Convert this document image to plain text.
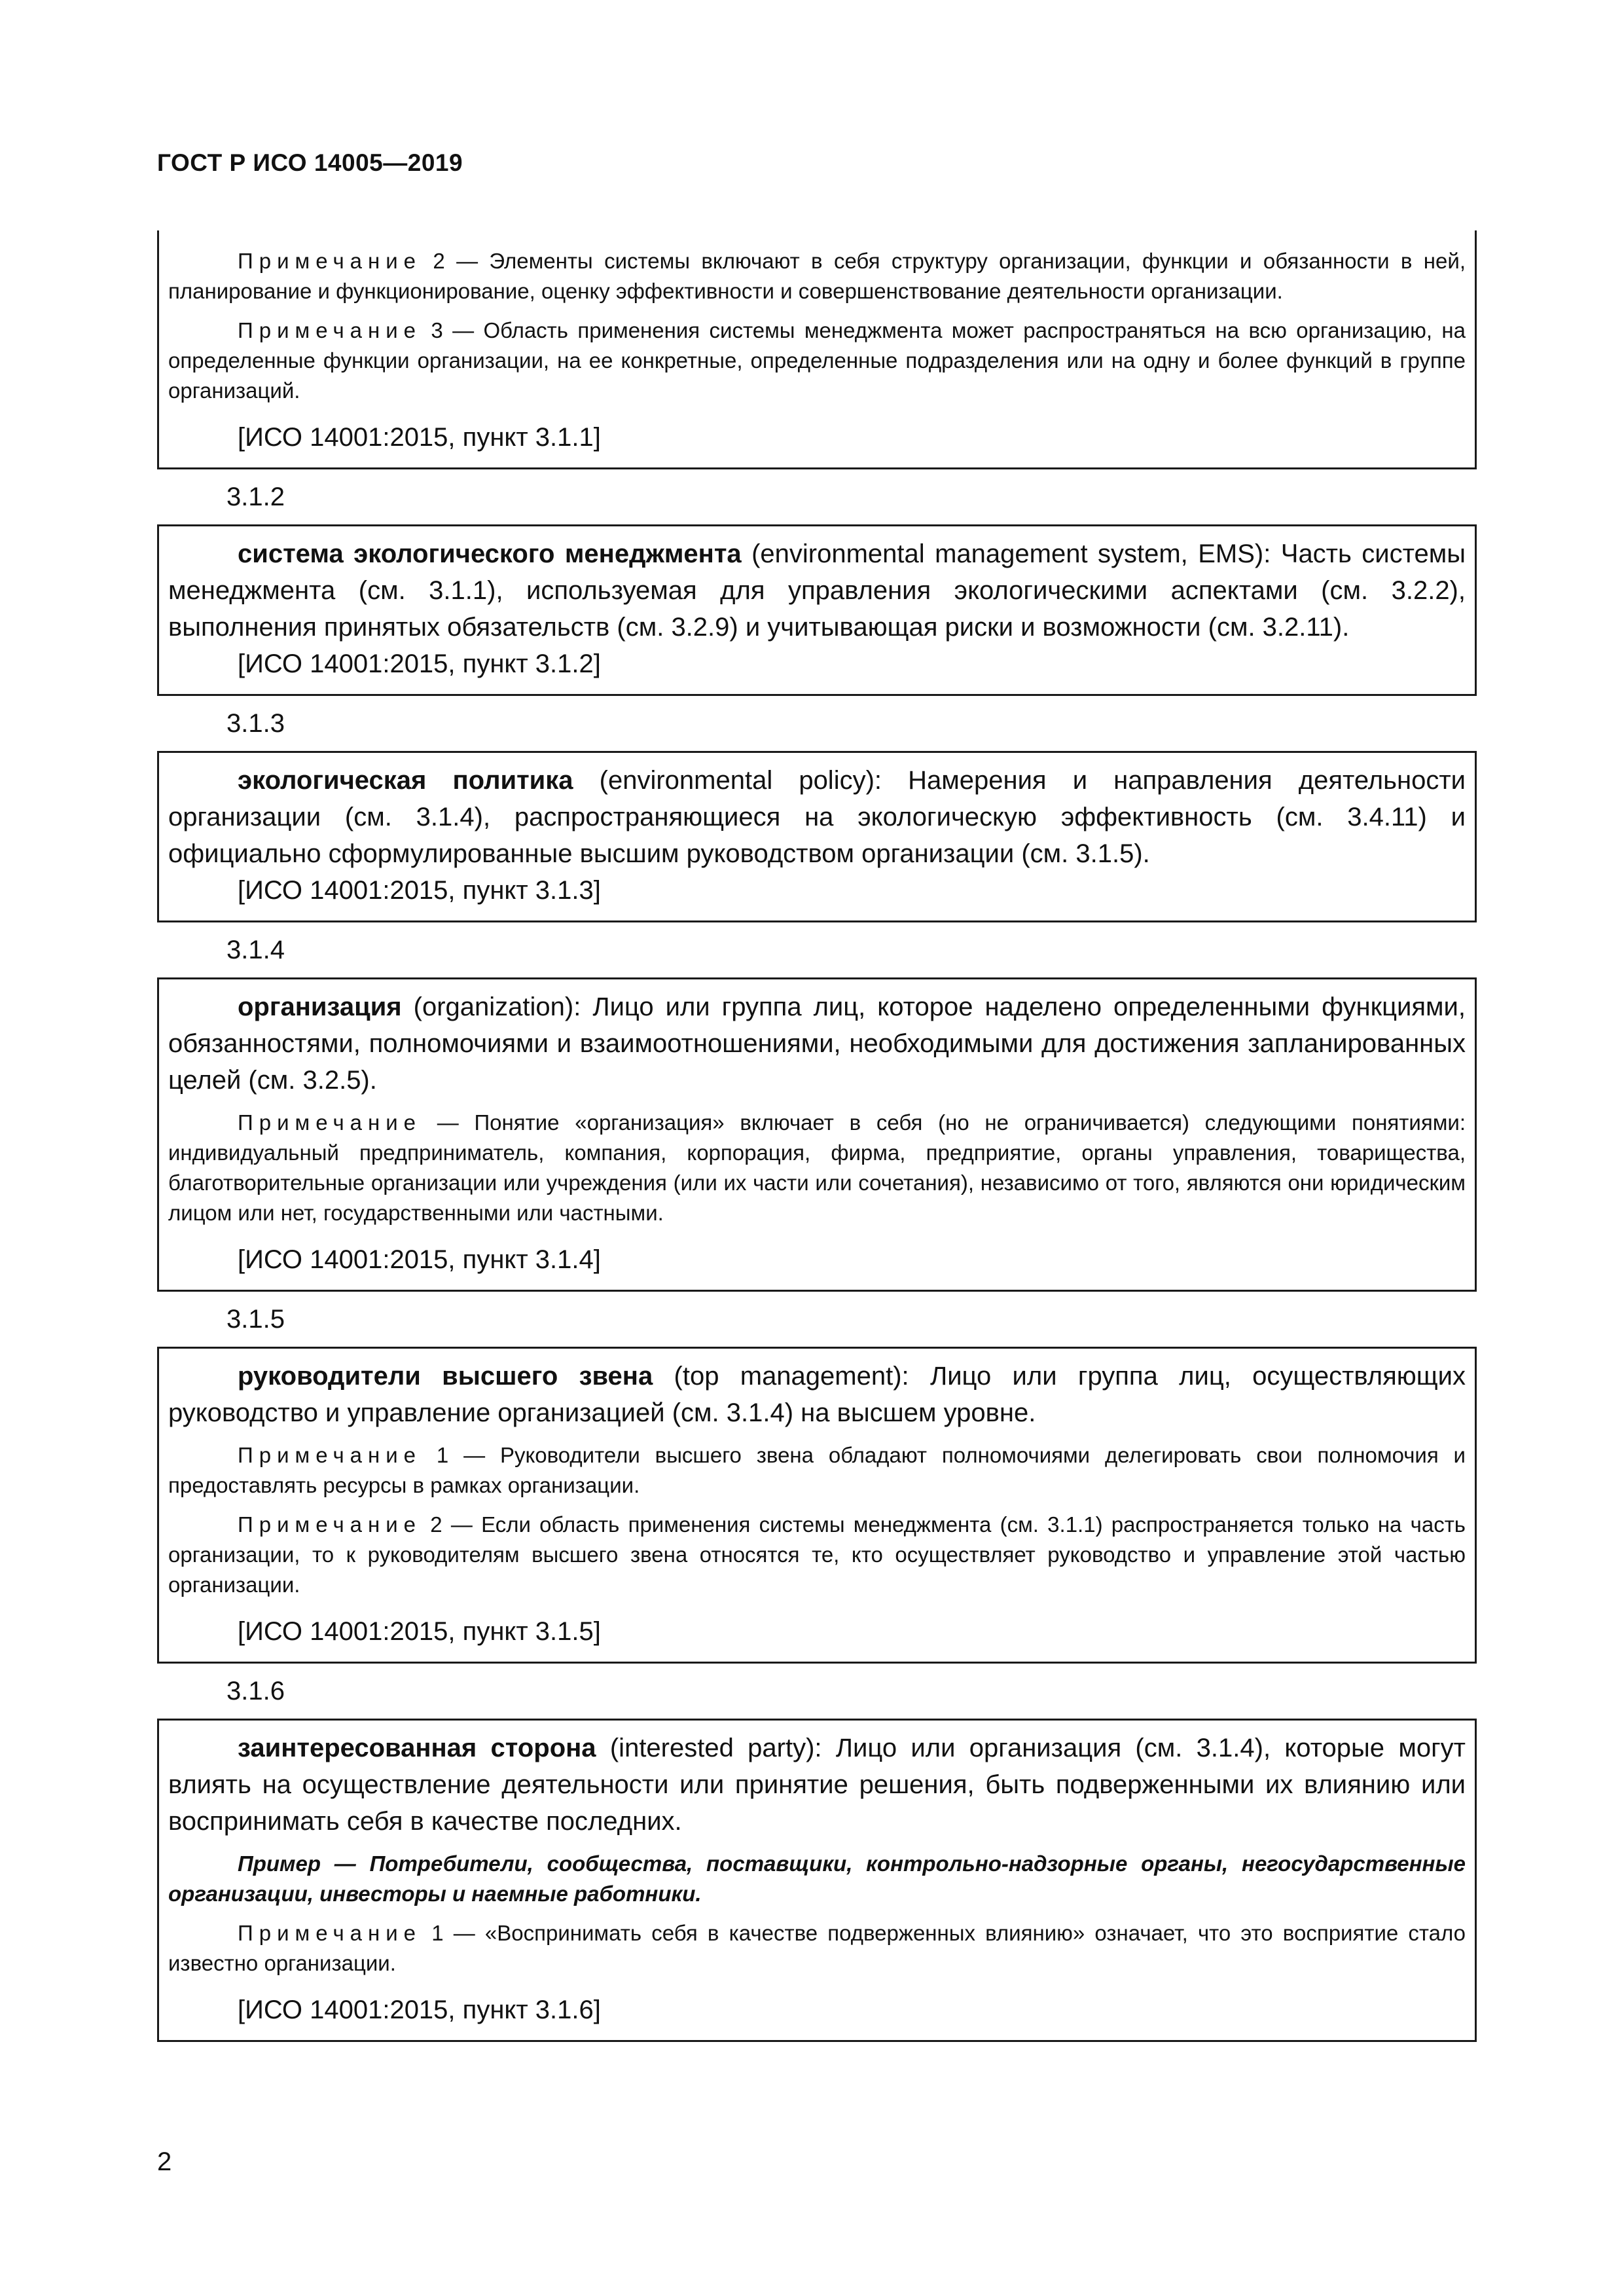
ГОСТ Р ИСО 14005—2019

Примечание 2 — Элементы системы включают в себя структуру организации, функции и обязанности в ней, планирование и функционирование, оценку эффективности и совершенствование деятельности организации.

Примечание 3 — Область применения системы менеджмента может распространяться на всю организацию, на определенные функции организации, на ее конкретные, определенные подразделения или на одну и более функций в группе организаций.

[ИСО 14001:2015, пункт 3.1.1]

3.1.2

система экологического менеджмента (environmental management system, EMS): Часть системы менеджмента (см. 3.1.1), используемая для управления экологическими аспектами (см. 3.2.2), выполнения принятых обязательств (см. 3.2.9) и учитывающая риски и возможности (см. 3.2.11).

[ИСО 14001:2015, пункт 3.1.2]

3.1.3

экологическая политика (environmental policy): Намерения и направления деятельности организации (см. 3.1.4), распространяющиеся на экологическую эффективность (см. 3.4.11) и официально сформулированные высшим руководством организации (см. 3.1.5).

[ИСО 14001:2015, пункт 3.1.3]

3.1.4

организация (organization): Лицо или группа лиц, которое наделено определенными функциями, обязанностями, полномочиями и взаимоотношениями, необходимыми для достижения запланированных целей (см. 3.2.5).

Примечание — Понятие «организация» включает в себя (но не ограничивается) следующими понятиями: индивидуальный предприниматель, компания, корпорация, фирма, предприятие, органы управления, товарищества, благотворительные организации или учреждения (или их части или сочетания), независимо от того, являются они юридическим лицом или нет, государственными или частными.

[ИСО 14001:2015, пункт 3.1.4]

3.1.5

руководители высшего звена (top management): Лицо или группа лиц, осуществляющих руководство и управление организацией (см. 3.1.4) на высшем уровне.

Примечание 1 — Руководители высшего звена обладают полномочиями делегировать свои полномочия и предоставлять ресурсы в рамках организации.

Примечание 2 — Если область применения системы менеджмента (см. 3.1.1) распространяется только на часть организации, то к руководителям высшего звена относятся те, кто осуществляет руководство и управление этой частью организации.

[ИСО 14001:2015, пункт 3.1.5]

3.1.6

заинтересованная сторона (interested party): Лицо или организация (см. 3.1.4), которые могут влиять на осуществление деятельности или принятие решения, быть подверженными их влиянию или воспринимать себя в качестве последних.

Пример — Потребители, сообщества, поставщики, контрольно-надзорные органы, негосударственные организации, инвесторы и наемные работники.

Примечание 1 — «Воспринимать себя в качестве подверженных влиянию» означает, что это восприятие стало известно организации.

[ИСО 14001:2015, пункт 3.1.6]

2
